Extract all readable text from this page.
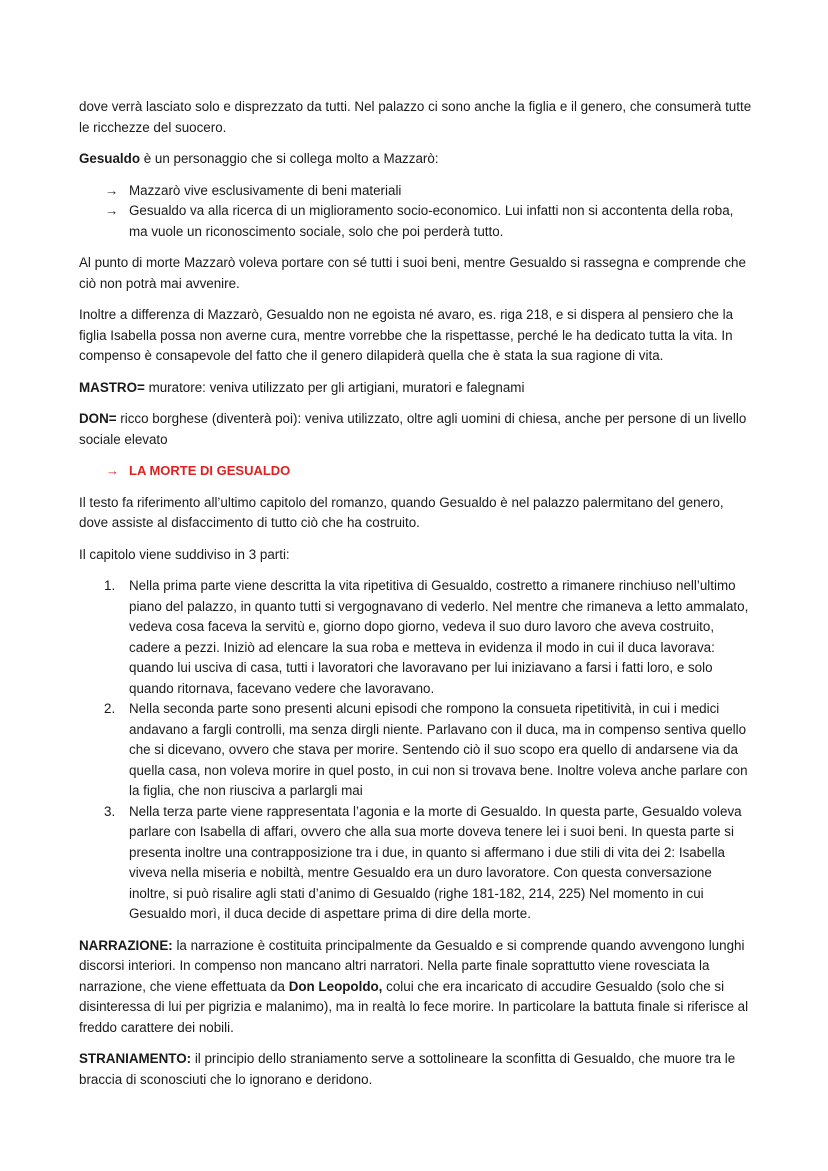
dove verrà lasciato solo e disprezzato da tutti. Nel palazzo ci sono anche la figlia e il genero, che consumerà tutte le ricchezze del suocero.

Gesualdo è un personaggio che si collega molto a Mazzarò:

→ Mazzarò vive esclusivamente di beni materiali
→ Gesualdo va alla ricerca di un miglioramento socio-economico. Lui infatti non si accontenta della roba, ma vuole un riconoscimento sociale, solo che poi perderà tutto.

Al punto di morte Mazzarò voleva portare con sé tutti i suoi beni, mentre Gesualdo si rassegna e comprende che ciò non potrà mai avvenire.

Inoltre a differenza di Mazzarò, Gesualdo non ne egoista né avaro, es. riga 218, e si dispera al pensiero che la figlia Isabella possa non averne cura, mentre vorrebbe che la rispettasse, perché le ha dedicato tutta la vita. In compenso è consapevole del fatto che il genero dilapiderà quella che è stata la sua ragione di vita.

MASTRO= muratore: veniva utilizzato per gli artigiani, muratori e falegnami

DON= ricco borghese (diventerà poi): veniva utilizzato, oltre agli uomini di chiesa, anche per persone di un livello sociale elevato

→ LA MORTE DI GESUALDO

Il testo fa riferimento all’ultimo capitolo del romanzo, quando Gesualdo è nel palazzo palermitano del genero, dove assiste al disfaccimento di tutto ciò che ha costruito.

Il capitolo viene suddiviso in 3 parti:

1. Nella prima parte viene descritta la vita ripetitiva di Gesualdo, costretto a rimanere rinchiuso nell’ultimo piano del palazzo, in quanto tutti si vergognavano di vederlo. Nel mentre che rimaneva a letto ammalato, vedeva cosa faceva la servitù e, giorno dopo giorno, vedeva il suo duro lavoro che aveva costruito, cadere a pezzi. Iniziò ad elencare la sua roba e metteva in evidenza il modo in cui il duca lavorava: quando lui usciva di casa, tutti i lavoratori che lavoravano per lui iniziavano a farsi i fatti loro, e solo quando ritornava, facevano vedere che lavoravano.
2. Nella seconda parte sono presenti alcuni episodi che rompono la consueta ripetitività, in cui i medici andavano a fargli controlli, ma senza dirgli niente. Parlavano con il duca, ma in compenso sentiva quello che si dicevano, ovvero che stava per morire. Sentendo ciò il suo scopo era quello di andarsene via da quella casa, non voleva morire in quel posto, in cui non si trovava bene. Inoltre voleva anche parlare con la figlia, che non riusciva a parlargli mai
3. Nella terza parte viene rappresentata l’agonia e la morte di Gesualdo. In questa parte, Gesualdo voleva parlare con Isabella di affari, ovvero che alla sua morte doveva tenere lei i suoi beni. In questa parte si presenta inoltre una contrapposizione tra i due, in quanto si affermano i due stili di vita dei 2: Isabella viveva nella miseria e nobiltà, mentre Gesualdo era un duro lavoratore. Con questa conversazione inoltre, si può risalire agli stati d’animo di Gesualdo (righe 181-182, 214, 225) Nel momento in cui Gesualdo morì, il duca decide di aspettare prima di dire della morte.

NARRAZIONE: la narrazione è costituita principalmente da Gesualdo e si comprende quando avvengono lunghi discorsi interiori. In compenso non mancano altri narratori. Nella parte finale soprattutto viene rovesciata la narrazione, che viene effettuata da Don Leopoldo, colui che era incaricato di accudire Gesualdo (solo che si disinteressa di lui per pigrizia e malanimo), ma in realtà lo fece morire. In particolare la battuta finale si riferisce al freddo carattere dei nobili.

STRANIAMENTO: il principio dello straniamento serve a sottolineare la sconfitta di Gesualdo, che muore tra le braccia di sconosciuti che lo ignorano e deridono.
